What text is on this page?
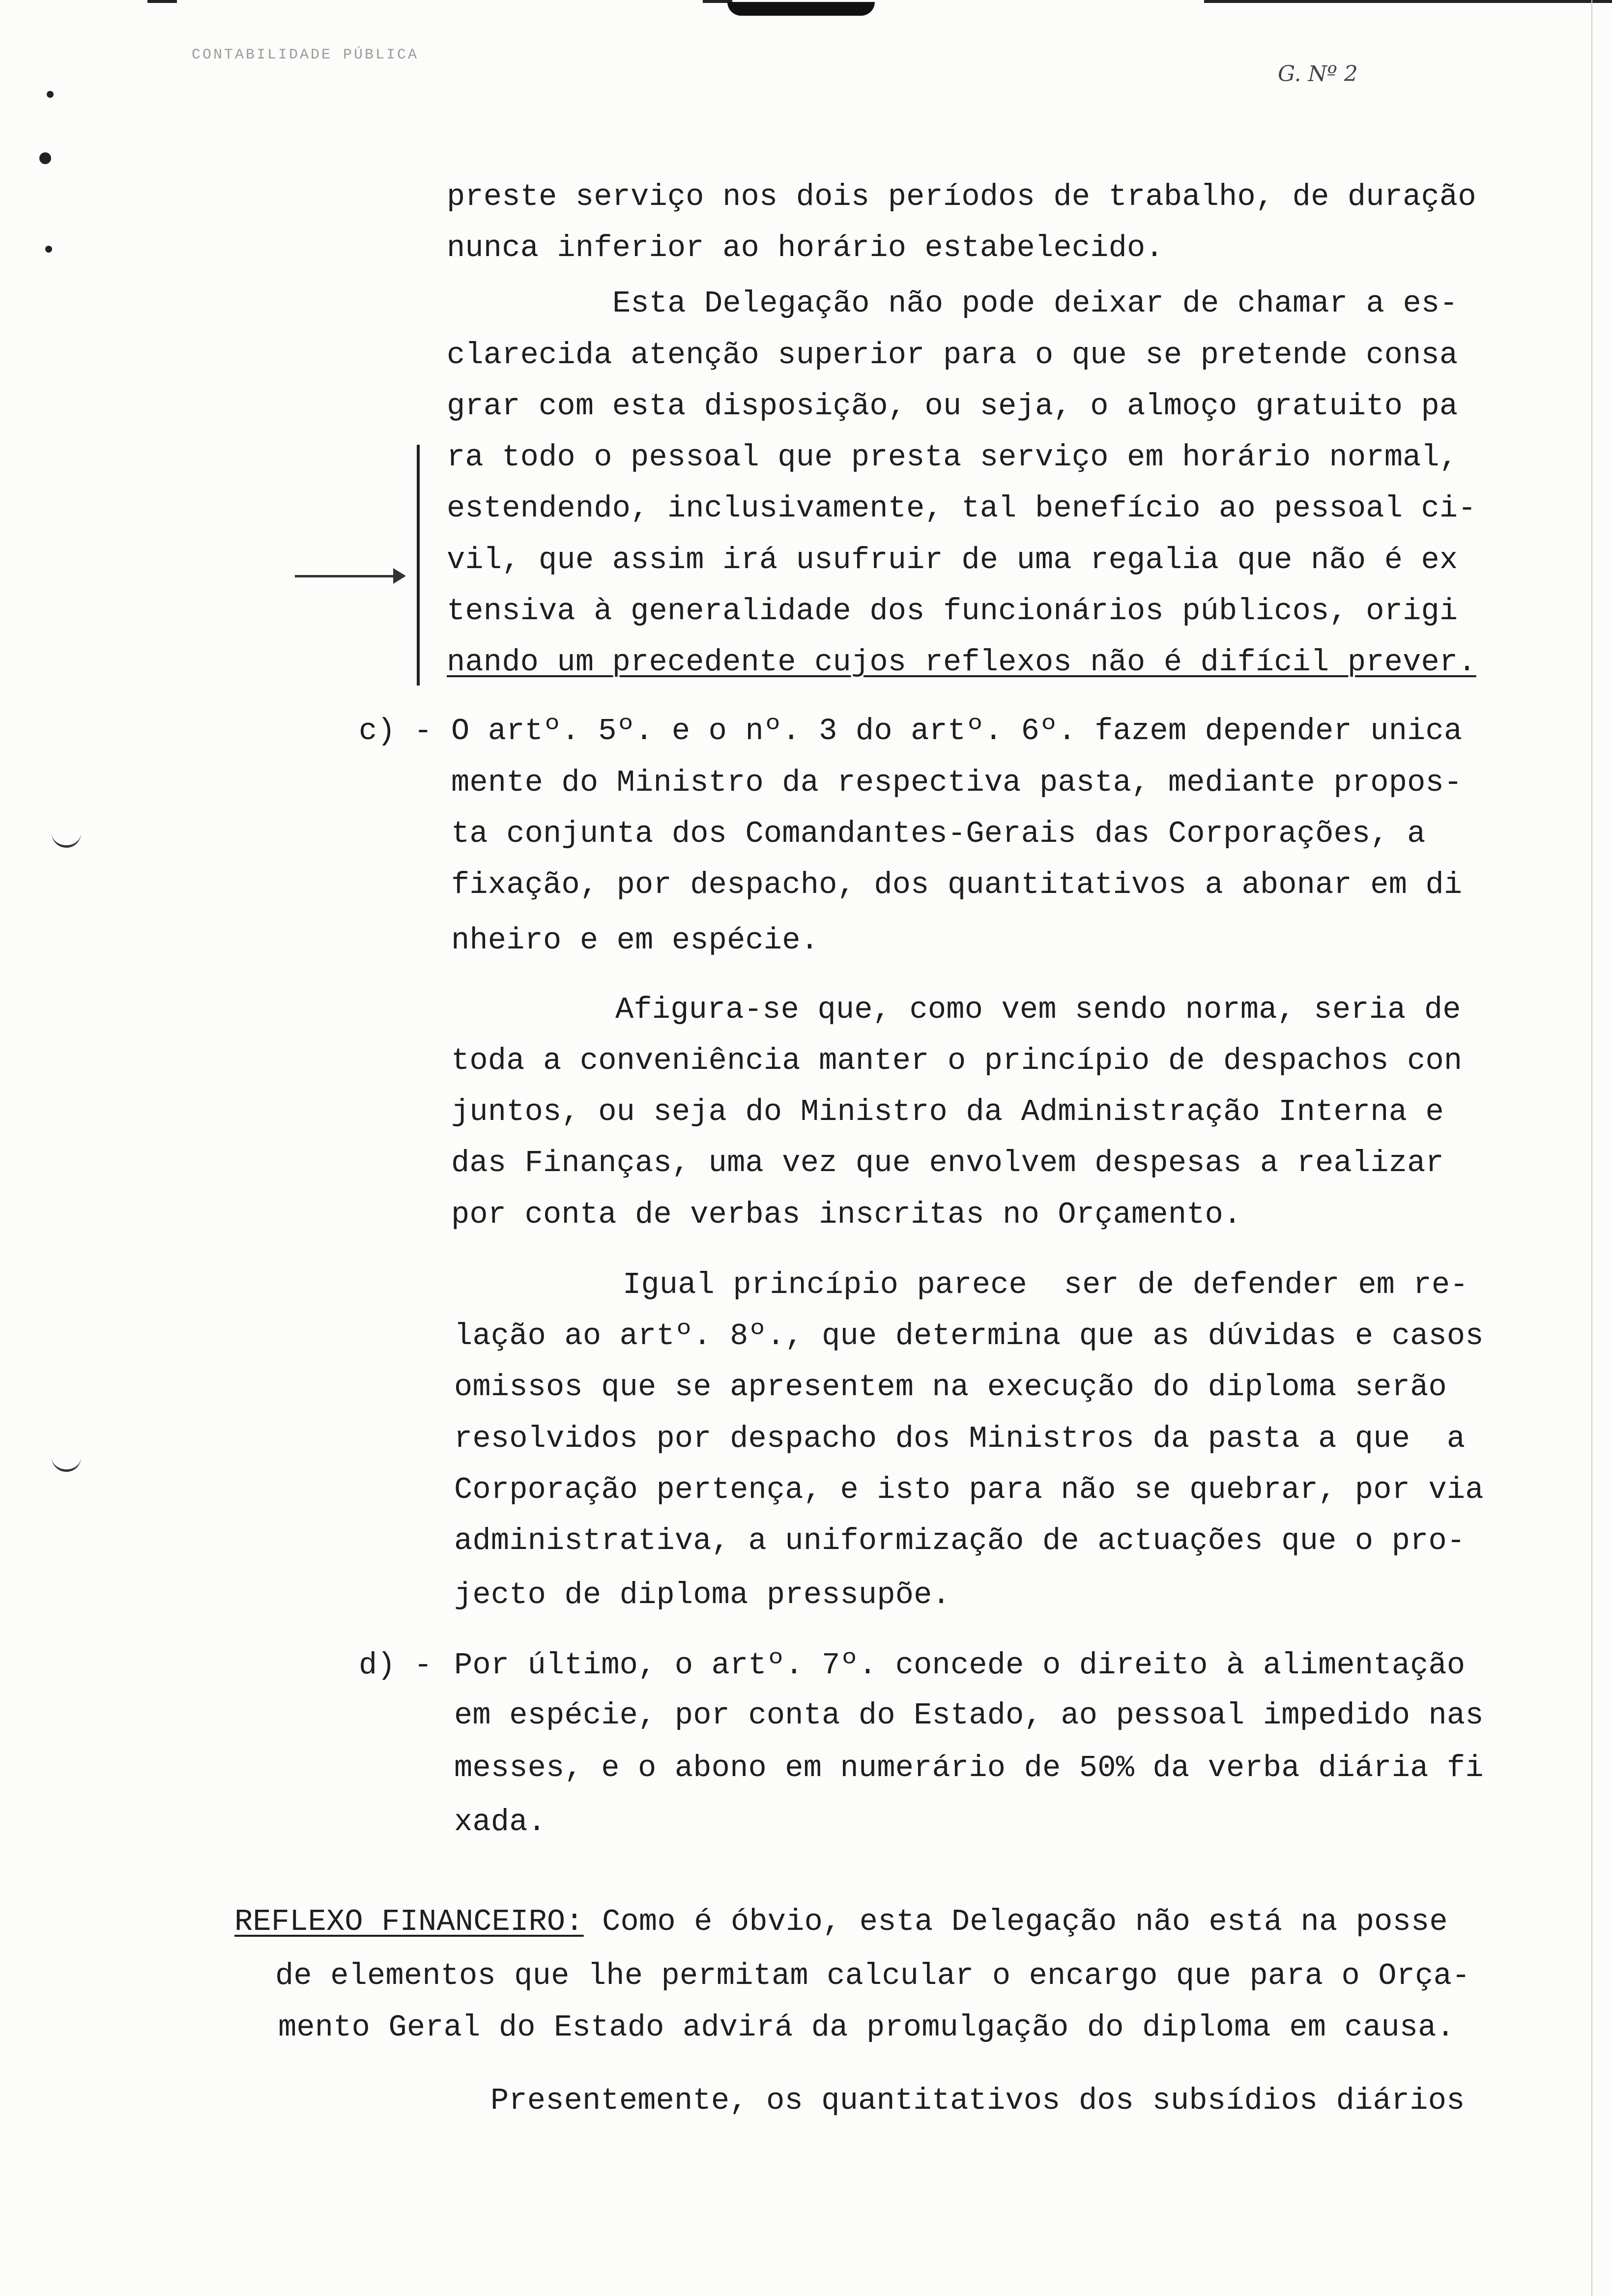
CONTABILIDADE PÚBLICA
G. Nº 2
preste serviço nos dois períodos de trabalho, de duração
nunca inferior ao horário estabelecido.
Esta Delegação não pode deixar de chamar a es-
clarecida atenção superior para o que se pretende consa
grar com esta disposição, ou seja, o almoço gratuito pa
ra todo o pessoal que presta serviço em horário normal,
estendendo, inclusivamente, tal benefício ao pessoal ci-
vil, que assim irá usufruir de uma regalia que não é ex
tensiva à generalidade dos funcionários públicos, origi
nando um precedente cujos reflexos não é difícil prever.
c) - O artº. 5º. e o nº. 3 do artº. 6º. fazem depender unica
mente do Ministro da respectiva pasta, mediante propos-
ta conjunta dos Comandantes-Gerais das Corporações, a
fixação, por despacho, dos quantitativos a abonar em di
nheiro e em espécie.
Afigura-se que, como vem sendo norma, seria de
toda a conveniência manter o princípio de despachos con
juntos, ou seja do Ministro da Administração Interna e
das Finanças, uma vez que envolvem despesas a realizar
por conta de verbas inscritas no Orçamento.
Igual princípio parece  ser de defender em re-
lação ao artº. 8º., que determina que as dúvidas e casos
omissos que se apresentem na execução do diploma serão
resolvidos por despacho dos Ministros da pasta a que  a
Corporação pertença, e isto para não se quebrar, por via
administrativa, a uniformização de actuações que o pro-
jecto de diploma pressupõe.
d) - Por último, o artº. 7º. concede o direito à alimentação
em espécie, por conta do Estado, ao pessoal impedido nas
messes, e o abono em numerário de 50% da verba diária fi
xada.
REFLEXO FINANCEIRO: Como é óbvio, esta Delegação não está na posse
de elementos que lhe permitam calcular o encargo que para o Orça-
mento Geral do Estado advirá da promulgação do diploma em causa.
Presentemente, os quantitativos dos subsídios diários
